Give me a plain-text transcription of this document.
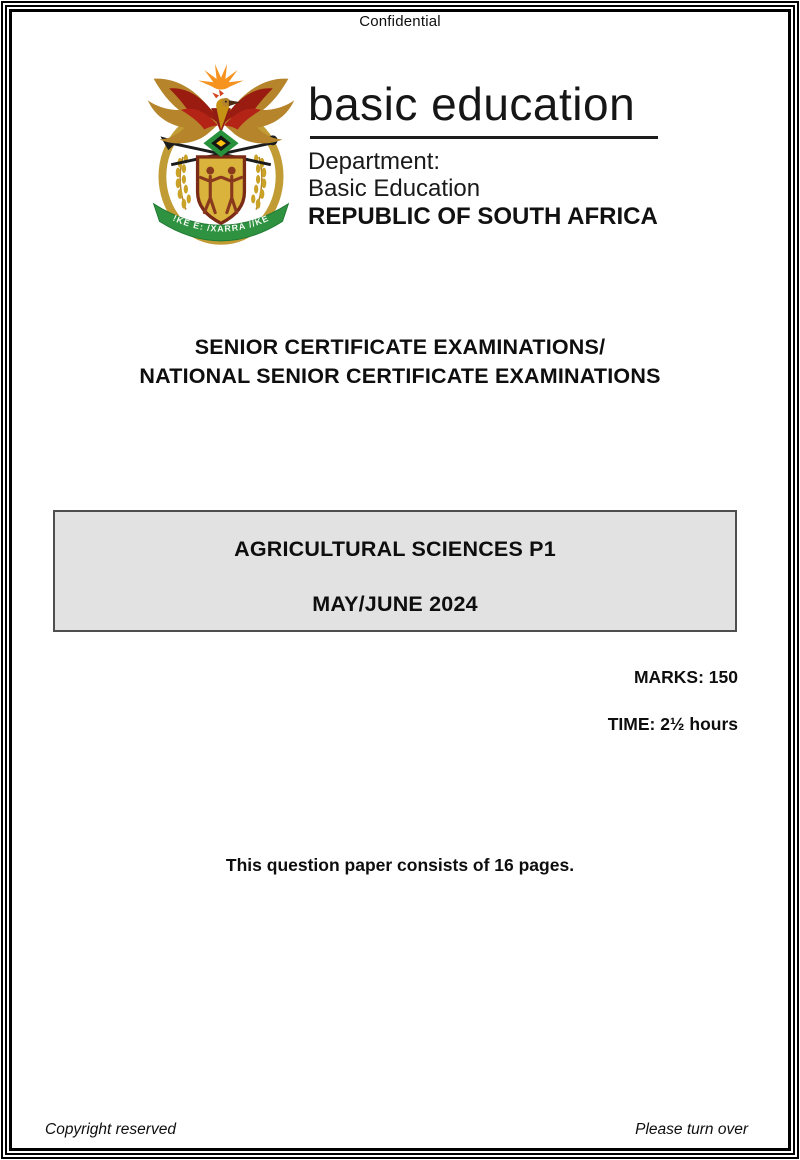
Confidential
!KE E: /XARRA //KE
basic education
Department:
Basic Education
REPUBLIC OF SOUTH AFRICA
SENIOR CERTIFICATE EXAMINATIONS/
NATIONAL SENIOR CERTIFICATE EXAMINATIONS
AGRICULTURAL SCIENCES P1
MAY/JUNE 2024
MARKS: 150
TIME: 2½ hours
This question paper consists of 16 pages.
Copyright reserved	Please turn over
